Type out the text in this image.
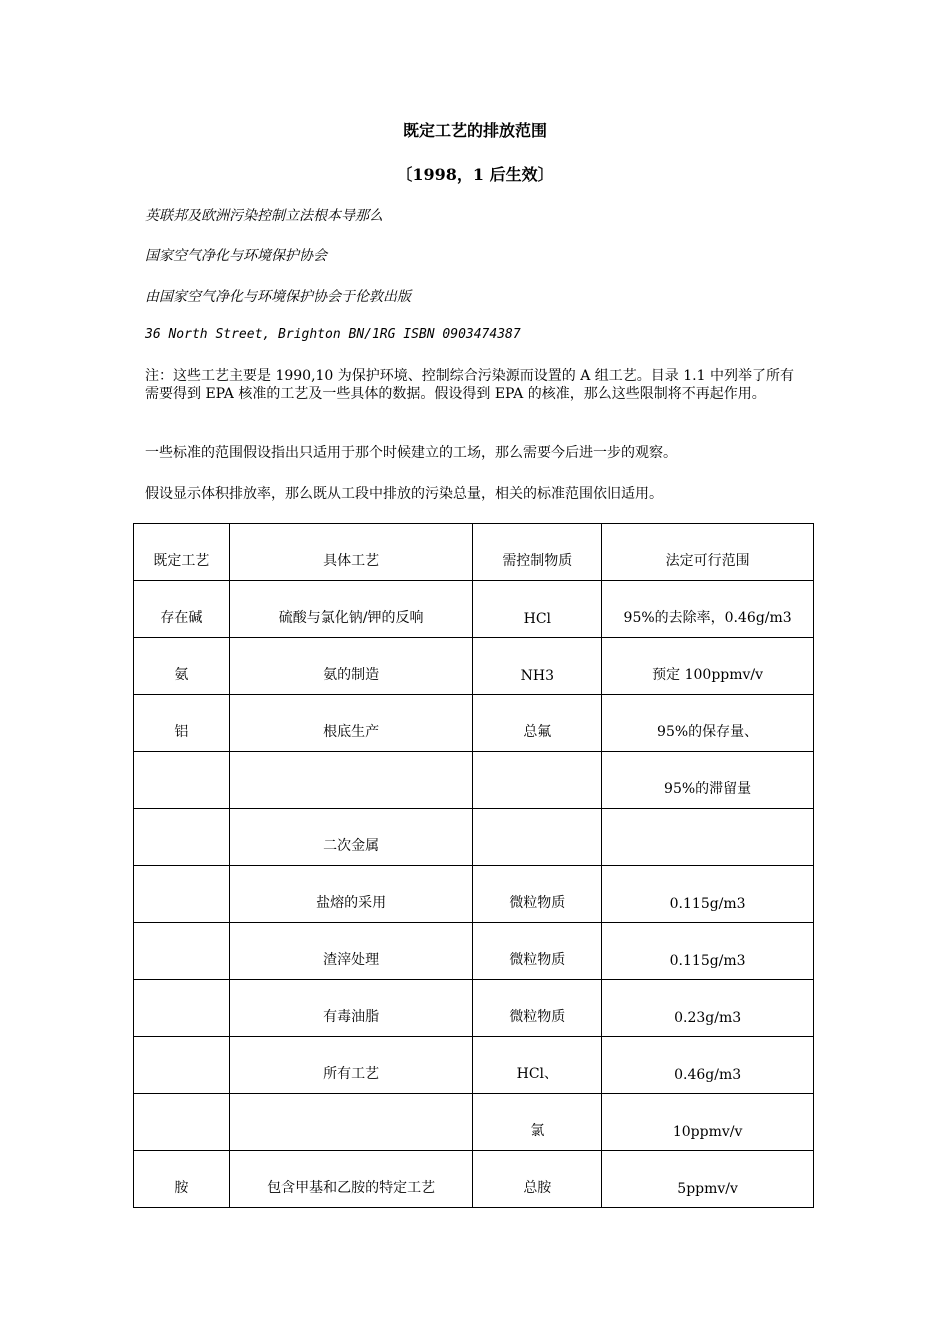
既定工艺的排放范围
〔1998，1 后生效〕
英联邦及欧洲污染控制立法根本导那么
国家空气净化与环境保护协会
由国家空气净化与环境保护协会于伦敦出版
36 North Street, Brighton BN/1RG ISBN 0903474387
注：这些工艺主要是 1990,10 为保护环境、控制综合污染源而设置的 A 组工艺。目录 1.1 中列举了所有需要得到 EPA 核准的工艺及一些具体的数据。假设得到 EPA 的核准，那么这些限制将不再起作用。
一些标准的范围假设指出只适用于那个时候建立的工场，那么需要今后进一步的观察。
假设显示体积排放率，那么既从工段中排放的污染总量，相关的标准范围依旧适用。
既定工艺	具体工艺	需控制物质	法定可行范围
存在碱	硫酸与氯化钠/钾的反响	HCl	95%的去除率，0.46g/m3
氨	氨的制造	NH3	预定 100ppmv/v
铝	根底生产	总氟	95%的保存量、
			95%的滞留量
	二次金属		
	盐熔的采用	微粒物质	0.115g/m3
	渣滓处理	微粒物质	0.115g/m3
	有毒油脂	微粒物质	0.23g/m3
	所有工艺	HCl、	0.46g/m3
		氯	10ppmv/v
胺	包含甲基和乙胺的特定工艺	总胺	5ppmv/v
